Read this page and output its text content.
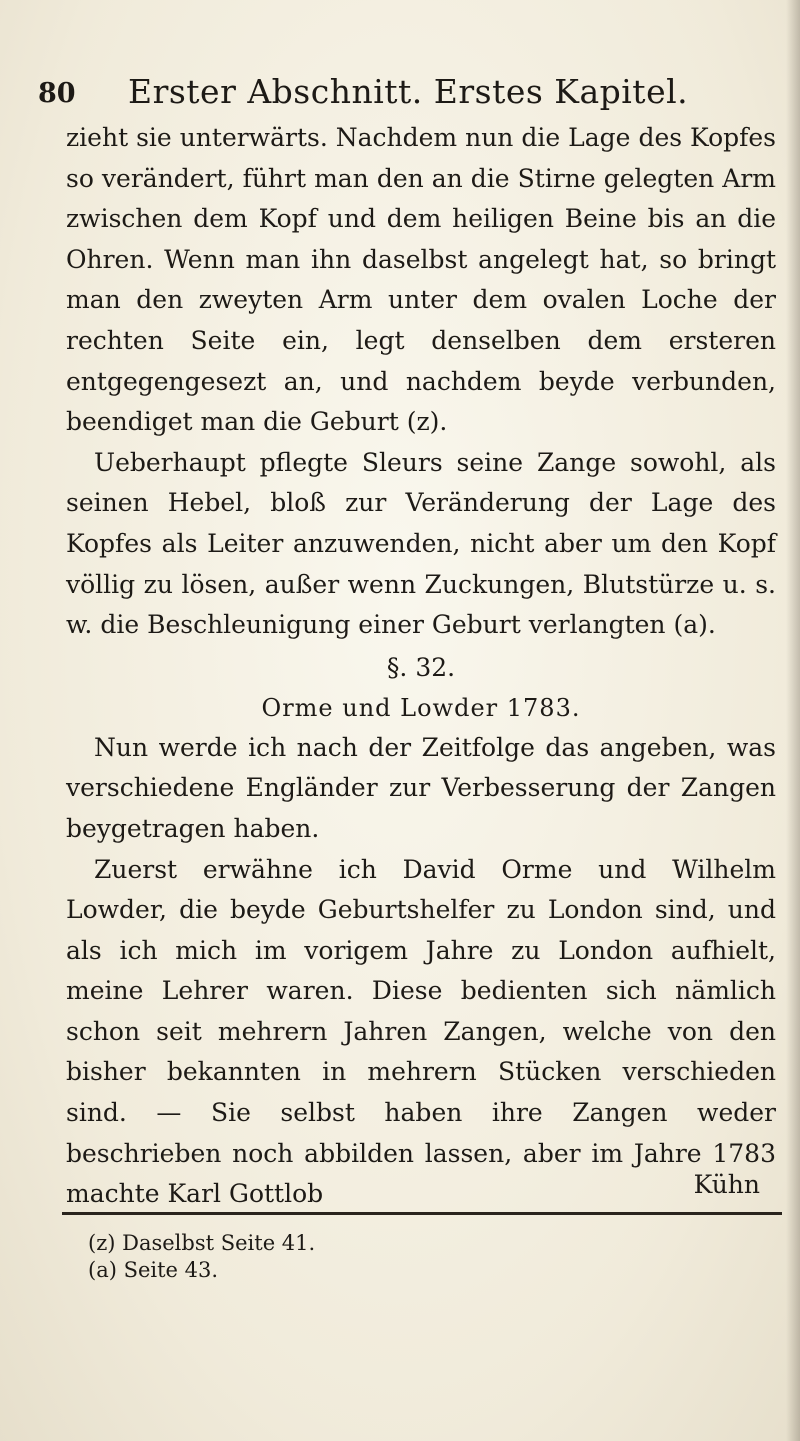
80 Erster Abschnitt. Erstes Kapitel.

zieht sie unterwärts. Nachdem nun die Lage des Kopfes so verändert, führt man den an die Stirne gelegten Arm zwischen dem Kopf und dem heiligen Beine bis an die Ohren. Wenn man ihn daselbst angelegt hat, so bringt man den zweyten Arm unter dem ovalen Loche der rechten Seite ein, legt denselben dem ersteren entgegengesezt an, und nachdem beyde verbunden, beendiget man die Geburt (z).

Ueberhaupt pflegte Sleurs seine Zange sowohl, als seinen Hebel, bloß zur Veränderung der Lage des Kopfes als Leiter anzuwenden, nicht aber um den Kopf völlig zu lösen, außer wenn Zuckungen, Blutstürze u. s. w. die Beschleunigung einer Geburt verlangten (a).

§. 32.
Orme und Lowder 1783.

Nun werde ich nach der Zeitfolge das angeben, was verschiedene Engländer zur Verbesserung der Zangen beygetragen haben.

Zuerst erwähne ich David Orme und Wilhelm Lowder, die beyde Geburtshelfer zu London sind, und als ich mich im vorigem Jahre zu London aufhielt, meine Lehrer waren. Diese bedienten sich nämlich schon seit mehrern Jahren Zangen, welche von den bisher bekannten in mehrern Stücken verschieden sind. — Sie selbst haben ihre Zangen weder beschrieben noch abbilden lassen, aber im Jahre 1783 machte Karl Gottlob	Kühn
(z) Daselbst Seite 41.
(a) Seite 43.
